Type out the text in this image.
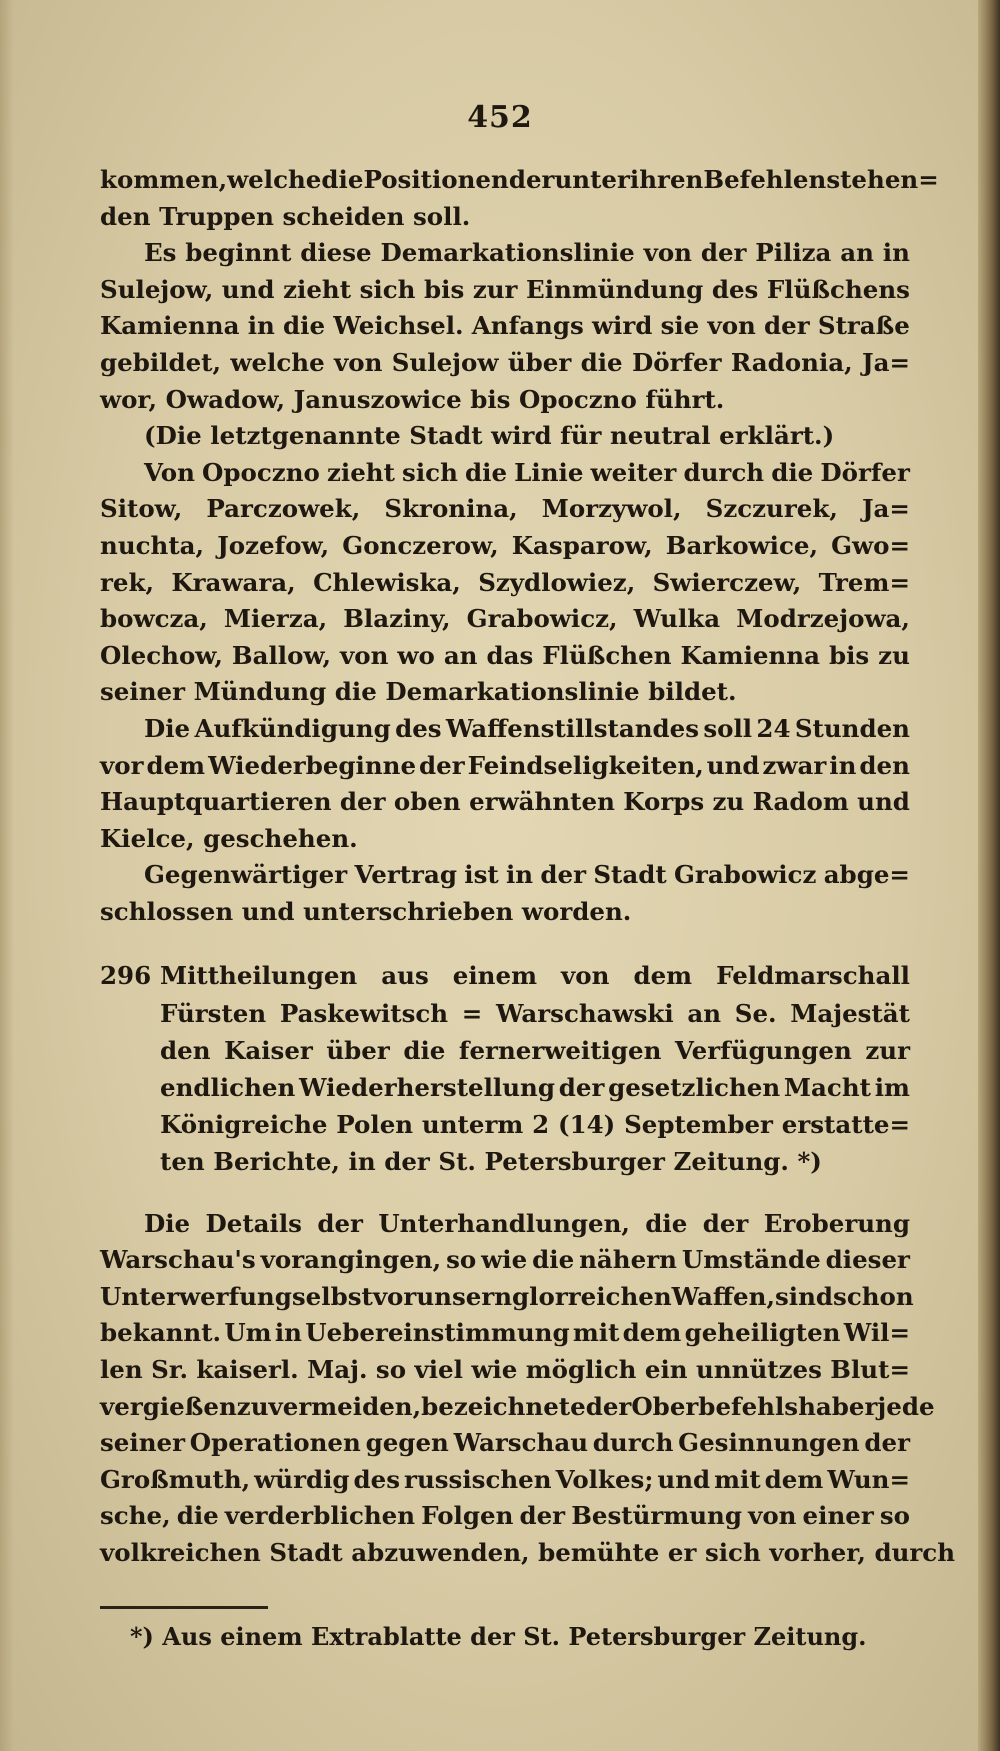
452
kommen, welche die Positionen der unter ihren Befehlen stehen=
den Truppen scheiden soll.
Es beginnt diese Demarkationslinie von der Piliza an in
Sulejow, und zieht sich bis zur Einmündung des Flüßchens
Kamienna in die Weichsel. Anfangs wird sie von der Straße
gebildet, welche von Sulejow über die Dörfer Radonia, Ja=
wor, Owadow, Januszowice bis Opoczno führt.
(Die letztgenannte Stadt wird für neutral erklärt.)
Von Opoczno zieht sich die Linie weiter durch die Dörfer
Sitow, Parczowek, Skronina, Morzywol, Szczurek, Ja=
nuchta, Jozefow, Gonczerow, Kasparow, Barkowice, Gwo=
rek, Krawara, Chlewiska, Szydlowiez, Swierczew, Trem=
bowcza, Mierza, Blaziny, Grabowicz, Wulka Modrzejowa,
Olechow, Ballow, von wo an das Flüßchen Kamienna bis zu
seiner Mündung die Demarkationslinie bildet.
Die Aufkündigung des Waffenstillstandes soll 24 Stunden
vor dem Wiederbeginne der Feindseligkeiten, und zwar in den
Hauptquartieren der oben erwähnten Korps zu Radom und
Kielce, geschehen.
Gegenwärtiger Vertrag ist in der Stadt Grabowicz abge=
schlossen und unterschrieben worden.
296 Mittheilungen aus einem von dem Feldmarschall
Fürsten Paskewitsch = Warschawski an Se. Majestät
den Kaiser über die fernerweitigen Verfügungen zur
endlichen Wiederherstellung der gesetzlichen Macht im
Königreiche Polen unterm 2 (14) September erstatte=
ten Berichte, in der St. Petersburger Zeitung. *)
Die Details der Unterhandlungen, die der Eroberung
Warschau's vorangingen, so wie die nähern Umstände dieser
Unterwerfung selbst vor unsern glorreichen Waffen, sind schon
bekannt. Um in Uebereinstimmung mit dem geheiligten Wil=
len Sr. kaiserl. Maj. so viel wie möglich ein unnützes Blut=
vergießen zu vermeiden, bezeichnete der Oberbefehlshaber jede
seiner Operationen gegen Warschau durch Gesinnungen der
Großmuth, würdig des russischen Volkes; und mit dem Wun=
sche, die verderblichen Folgen der Bestürmung von einer so
volkreichen Stadt abzuwenden, bemühte er sich vorher, durch
*) Aus einem Extrablatte der St. Petersburger Zeitung.
